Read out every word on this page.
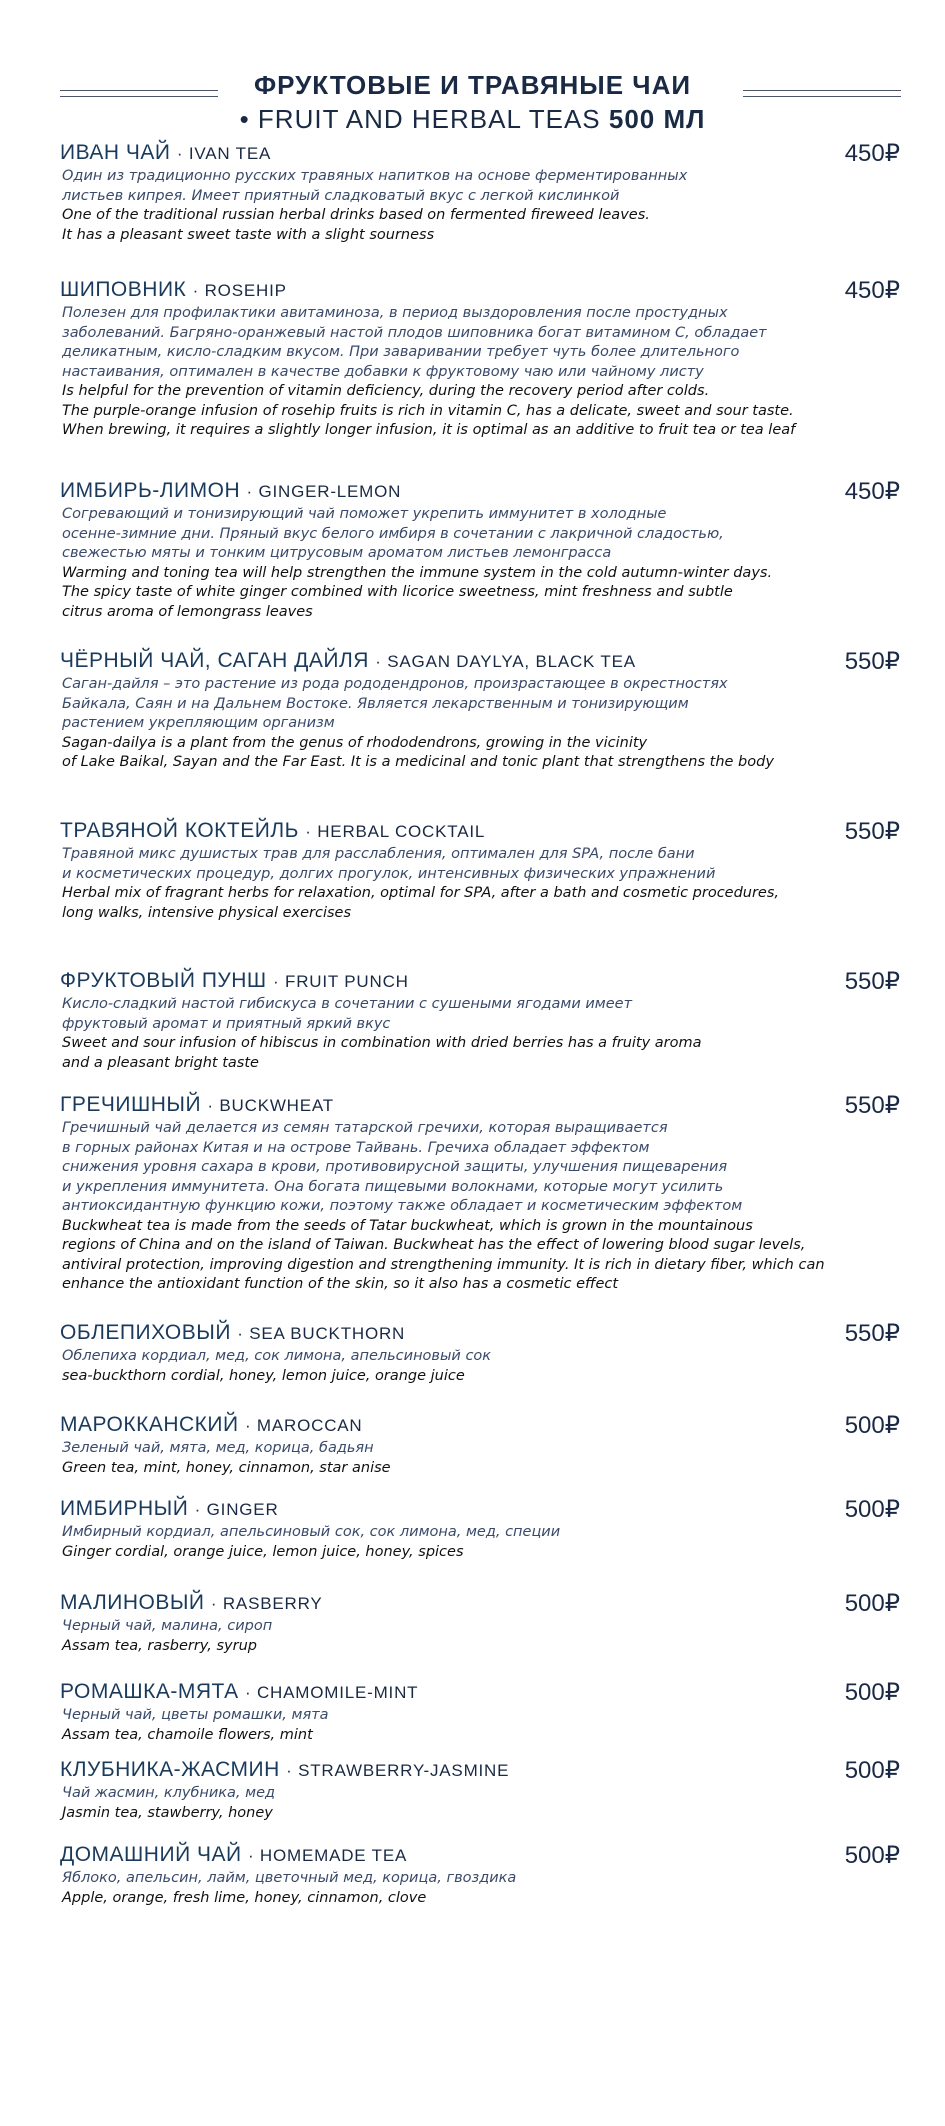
ФРУКТОВЫЕ И ТРАВЯНЫЕ ЧАИ
• FRUIT AND HERBAL TEAS 500 МЛ
ИВАН ЧАЙ · IVAN TEA	450₽
Один из традиционно русских травяных напитков на основе ферментированных
листьев кипрея. Имеет приятный сладковатый вкус с легкой кислинкой
One of the traditional russian herbal drinks based on fermented fireweed leaves.
It has a pleasant sweet taste with a slight sourness
ШИПОВНИК · ROSEHIP	450₽
Полезен для профилактики авитаминоза, в период выздоровления после простудных
заболеваний. Багряно-оранжевый настой плодов шиповника богат витамином С, обладает
деликатным, кисло-сладким вкусом. При заваривании требует чуть более длительного
настаивания, оптимален в качестве добавки к фруктовому чаю или чайному листу
Is helpful for the prevention of vitamin deficiency, during the recovery period after colds.
The purple-orange infusion of rosehip fruits is rich in vitamin C, has a delicate, sweet and sour taste.
When brewing, it requires a slightly longer infusion, it is optimal as an additive to fruit tea or tea leaf
ИМБИРЬ-ЛИМОН · GINGER-LEMON	450₽
Согревающий и тонизирующий чай поможет укрепить иммунитет в холодные
осенне-зимние дни. Пряный вкус белого имбиря в сочетании с лакричной сладостью,
свежестью мяты и тонким цитрусовым ароматом листьев лемонграсса
Warming and toning tea will help strengthen the immune system in the cold autumn-winter days.
The spicy taste of white ginger combined with licorice sweetness, mint freshness and subtle
citrus aroma of lemongrass leaves
ЧЁРНЫЙ ЧАЙ, САГАН ДАЙЛЯ · SAGAN DAYLYA, BLACK TEA	550₽
Саган-дайля – это растение из рода рододендронов, произрастающее в окрестностях
Байкала, Саян и на Дальнем Востоке. Является лекарственным и тонизирующим
растением укрепляющим организм
Sagan-dailya is a plant from the genus of rhododendrons, growing in the vicinity
of Lake Baikal, Sayan and the Far East. It is a medicinal and tonic plant that strengthens the body
ТРАВЯНОЙ КОКТЕЙЛЬ · HERBAL COCKTAIL	550₽
Травяной микс душистых трав для расслабления, оптимален для SPA, после бани
и косметических процедур, долгих прогулок, интенсивных физических упражнений
Herbal mix of fragrant herbs for relaxation, optimal for SPA, after a bath and cosmetic procedures,
long walks, intensive physical exercises
ФРУКТОВЫЙ ПУНШ · FRUIT PUNCH	550₽
Кисло-сладкий настой гибискуса в сочетании с сушеными ягодами имеет
фруктовый аромат и приятный яркий вкус
Sweet and sour infusion of hibiscus in combination with dried berries has a fruity aroma
and a pleasant bright taste
ГРЕЧИШНЫЙ · BUCKWHEAT	550₽
Гречишный чай делается из семян татарской гречихи, которая выращивается
в горных районах Китая и на острове Тайвань. Гречиха обладает эффектом
снижения уровня сахара в крови, противовирусной защиты, улучшения пищеварения
и укрепления иммунитета. Она богата пищевыми волокнами, которые могут усилить
антиоксидантную функцию кожи, поэтому также обладает и косметическим эффектом
Buckwheat tea is made from the seeds of Tatar buckwheat, which is grown in the mountainous
regions of China and on the island of Taiwan. Buckwheat has the effect of lowering blood sugar levels,
antiviral protection, improving digestion and strengthening immunity. It is rich in dietary fiber, which can
enhance the antioxidant function of the skin, so it also has a cosmetic effect
ОБЛЕПИХОВЫЙ · SEA BUCKTHORN	550₽
Облепиха кордиал, мед, сок лимона, апельсиновый сок
sea-buckthorn cordial, honey, lemon juice, orange juice
МАРОККАНСКИЙ · MAROCCAN	500₽
Зеленый чай, мята, мед, корица, бадьян
Green tea, mint, honey, cinnamon, star anise
ИМБИРНЫЙ · GINGER	500₽
Имбирный кордиал, апельсиновый сок, сок лимона, мед, специи
Ginger cordial, orange juice, lemon juice, honey, spices
МАЛИНОВЫЙ · RASBERRY	500₽
Черный чай, малина, сироп
Assam tea, rasberry, syrup
РОМАШКА-МЯТА · CHAMOMILE-MINT	500₽
Черный чай, цветы ромашки, мята
Assam tea, chamoile flowers, mint
КЛУБНИКА-ЖАСМИН · STRAWBERRY-JASMINE	500₽
Чай жасмин, клубника, мед
Jasmin tea, stawberry, honey
ДОМАШНИЙ ЧАЙ · HOMEMADE TEA	500₽
Яблоко, апельсин, лайм, цветочный мед, корица, гвоздика
Apple, orange, fresh lime, honey, cinnamon, clove
